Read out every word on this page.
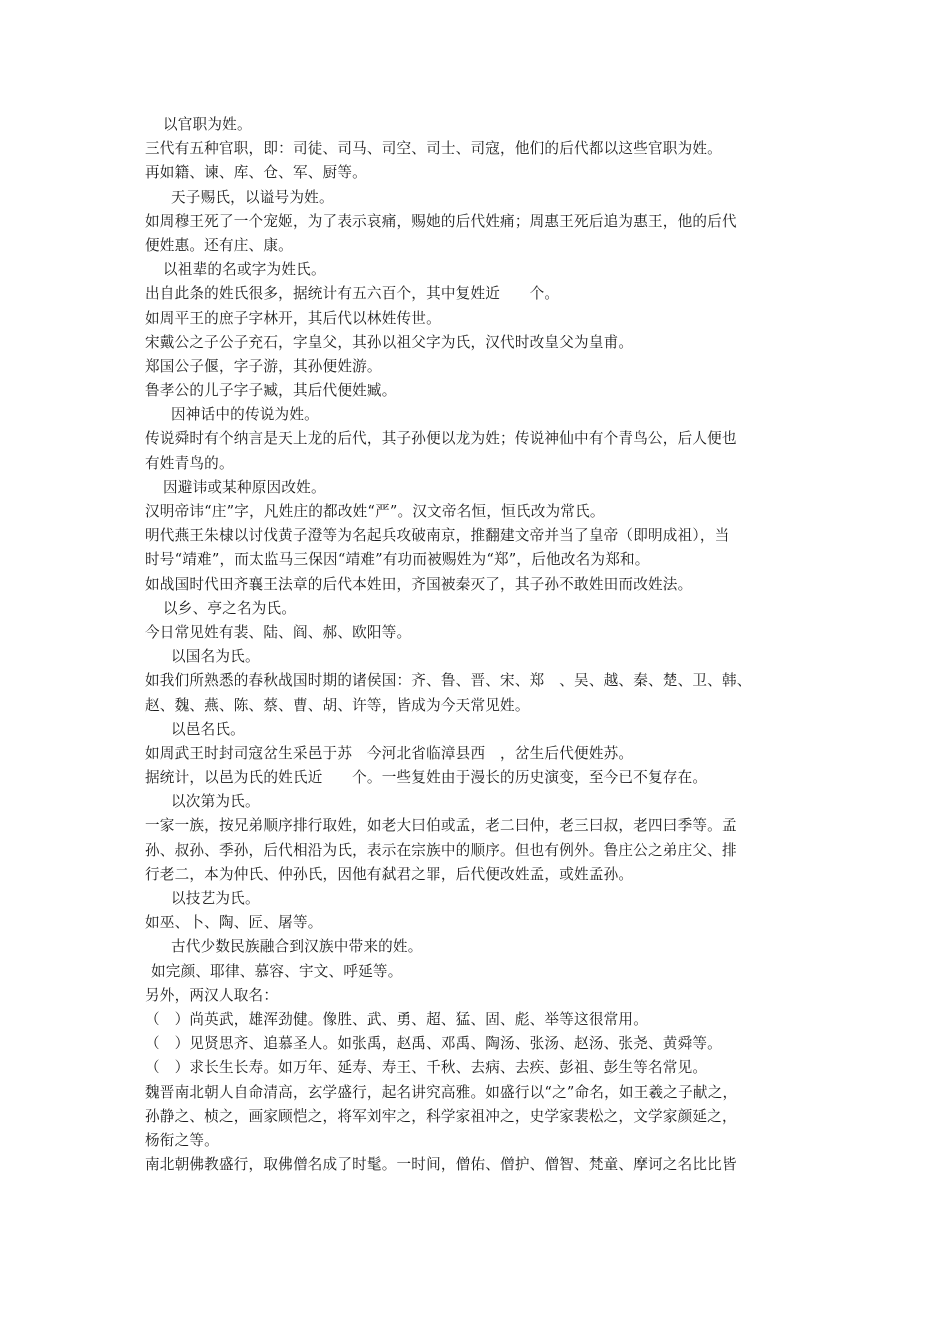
以官职为姓。
三代有五种官职，即：司徒、司马、司空、司士、司寇，他们的后代都以这些官职为姓。
再如籍、谏、库、仓、军、厨等。
天子赐氏，以谥号为姓。
如周穆王死了一个宠姬，为了表示哀痛，赐她的后代姓痛；周惠王死后追为惠王，他的后代
便姓惠。还有庄、康。
以祖辈的名或字为姓氏。
出自此条的姓氏很多，据统计有五六百个，其中复姓近　　个。
如周平王的庶子字林开，其后代以林姓传世。
宋戴公之子公子充石，字皇父，其孙以祖父字为氏，汉代时改皇父为皇甫。
郑国公子偃，字子游，其孙便姓游。
鲁孝公的儿子字子臧，其后代便姓臧。
因神话中的传说为姓。
传说舜时有个纳言是天上龙的后代，其子孙便以龙为姓；传说神仙中有个青鸟公，后人便也
有姓青鸟的。
因避讳或某种原因改姓。
汉明帝讳“庄”字，凡姓庄的都改姓“严”。汉文帝名恒，恒氏改为常氏。
明代燕王朱棣以讨伐黄子澄等为名起兵攻破南京，推翻建文帝并当了皇帝（即明成祖），当
时号“靖难”，而太监马三保因“靖难”有功而被赐姓为“郑”，后他改名为郑和。
如战国时代田齐襄王法章的后代本姓田，齐国被秦灭了，其子孙不敢姓田而改姓法。
以乡、亭之名为氏。
今日常见姓有裴、陆、阎、郝、欧阳等。
以国名为氏。
如我们所熟悉的春秋战国时期的诸侯国：齐、鲁、晋、宋、郑　、吴、越、秦、楚、卫、韩、
赵、魏、燕、陈、蔡、曹、胡、许等，皆成为今天常见姓。
以邑名氏。
如周武王时封司寇岔生采邑于苏　今河北省临漳县西　，岔生后代便姓苏。
据统计，以邑为氏的姓氏近　　个。一些复姓由于漫长的历史演变，至今已不复存在。
以次第为氏。
一家一族，按兄弟顺序排行取姓，如老大曰伯或孟，老二曰仲，老三曰叔，老四曰季等。孟
孙、叔孙、季孙，后代相沿为氏，表示在宗族中的顺序。但也有例外。鲁庄公之弟庄父、排
行老二，本为仲氏、仲孙氏，因他有弑君之罪，后代便改姓孟，或姓孟孙。
以技艺为氏。
如巫、卜、陶、匠、屠等。
古代少数民族融合到汉族中带来的姓。
如完颜、耶律、慕容、宇文、呼延等。
另外，两汉人取名：
（　）尚英武，雄浑劲健。像胜、武、勇、超、猛、固、彪、举等这很常用。
（　）见贤思齐、追慕圣人。如张禹，赵禹、邓禹、陶汤、张汤、赵汤、张尧、黄舜等。
（　）求长生长寿。如万年、延寿、寿王、千秋、去病、去疾、彭祖、彭生等名常见。
魏晋南北朝人自命清高，玄学盛行，起名讲究高雅。如盛行以“之”命名，如王羲之子献之，
孙静之、桢之，画家顾恺之，将军刘牢之，科学家祖冲之，史学家裴松之，文学家颜延之，
杨衔之等。
南北朝佛教盛行，取佛僧名成了时髦。一时间，僧佑、僧护、僧智、梵童、摩诃之名比比皆
